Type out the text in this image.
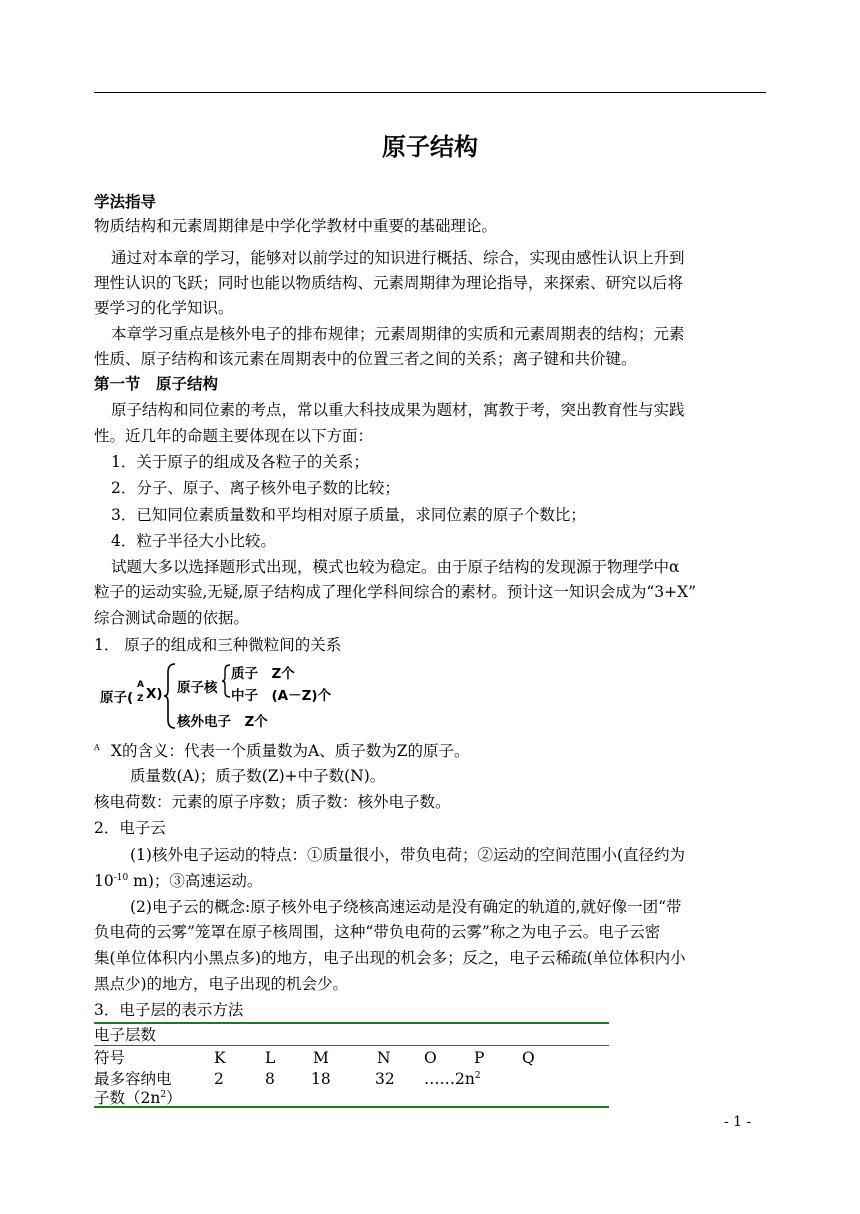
原子结构
学法指导
物质结构和元素周期律是中学化学教材中重要的基础理论。
通过对本章的学习，能够对以前学过的知识进行概括、综合，实现由感性认识上升到
理性认识的飞跃；同时也能以物质结构、元素周期律为理论指导，来探索、研究以后将
要学习的化学知识。
本章学习重点是核外电子的排布规律；元素周期律的实质和元素周期表的结构；元素
性质、原子结构和该元素在周期表中的位置三者之间的关系；离子键和共价键。
第一节　原子结构
原子结构和同位素的考点，常以重大科技成果为题材，寓教于考，突出教育性与实践
性。近几年的命题主要体现在以下方面：
1．关于原子的组成及各粒子的关系；
2．分子、原子、离子核外电子数的比较；
3．已知同位素质量数和平均相对原子质量，求同位素的原子个数比；
4．粒子半径大小比较。
试题大多以选择题形式出现，模式也较为稳定。由于原子结构的发现源于物理学中α
粒子的运动实验,无疑,原子结构成了理化学科间综合的素材。预计这一知识会成为“3+X”
综合测试命题的依据。
1． 原子的组成和三种微粒间的关系
原子(
A
Z X) 原子核
质子　Z个
中子　(A－Z)个
核外电子　Z个
A X的含义：代表一个质量数为A、质子数为Z的原子。
质量数(A)；质子数(Z)+中子数(N)。
核电荷数：元素的原子序数；质子数：核外电子数。
2．电子云
(1)核外电子运动的特点：①质量很小，带负电荷；②运动的空间范围小(直径约为
$10^{-10}$ m)；③高速运动。
(2)电子云的概念:原子核外电子绕核高速运动是没有确定的轨道的,就好像一团“带
负电荷的云雾”笼罩在原子核周围，这种“带负电荷的云雾”称之为电子云。电子云密
集(单位体积内小黑点多)的地方，电子出现的机会多；反之，电子云稀疏(单位体积内小
黑点少)的地方，电子出现的机会少。
3．电子层的表示方法
电子层数
符号	K	L M	N O P Q
最多容纳电
子数$(2n^2)$
2	8 18	32 $\dots\dots 2n^2$
- 1 -
